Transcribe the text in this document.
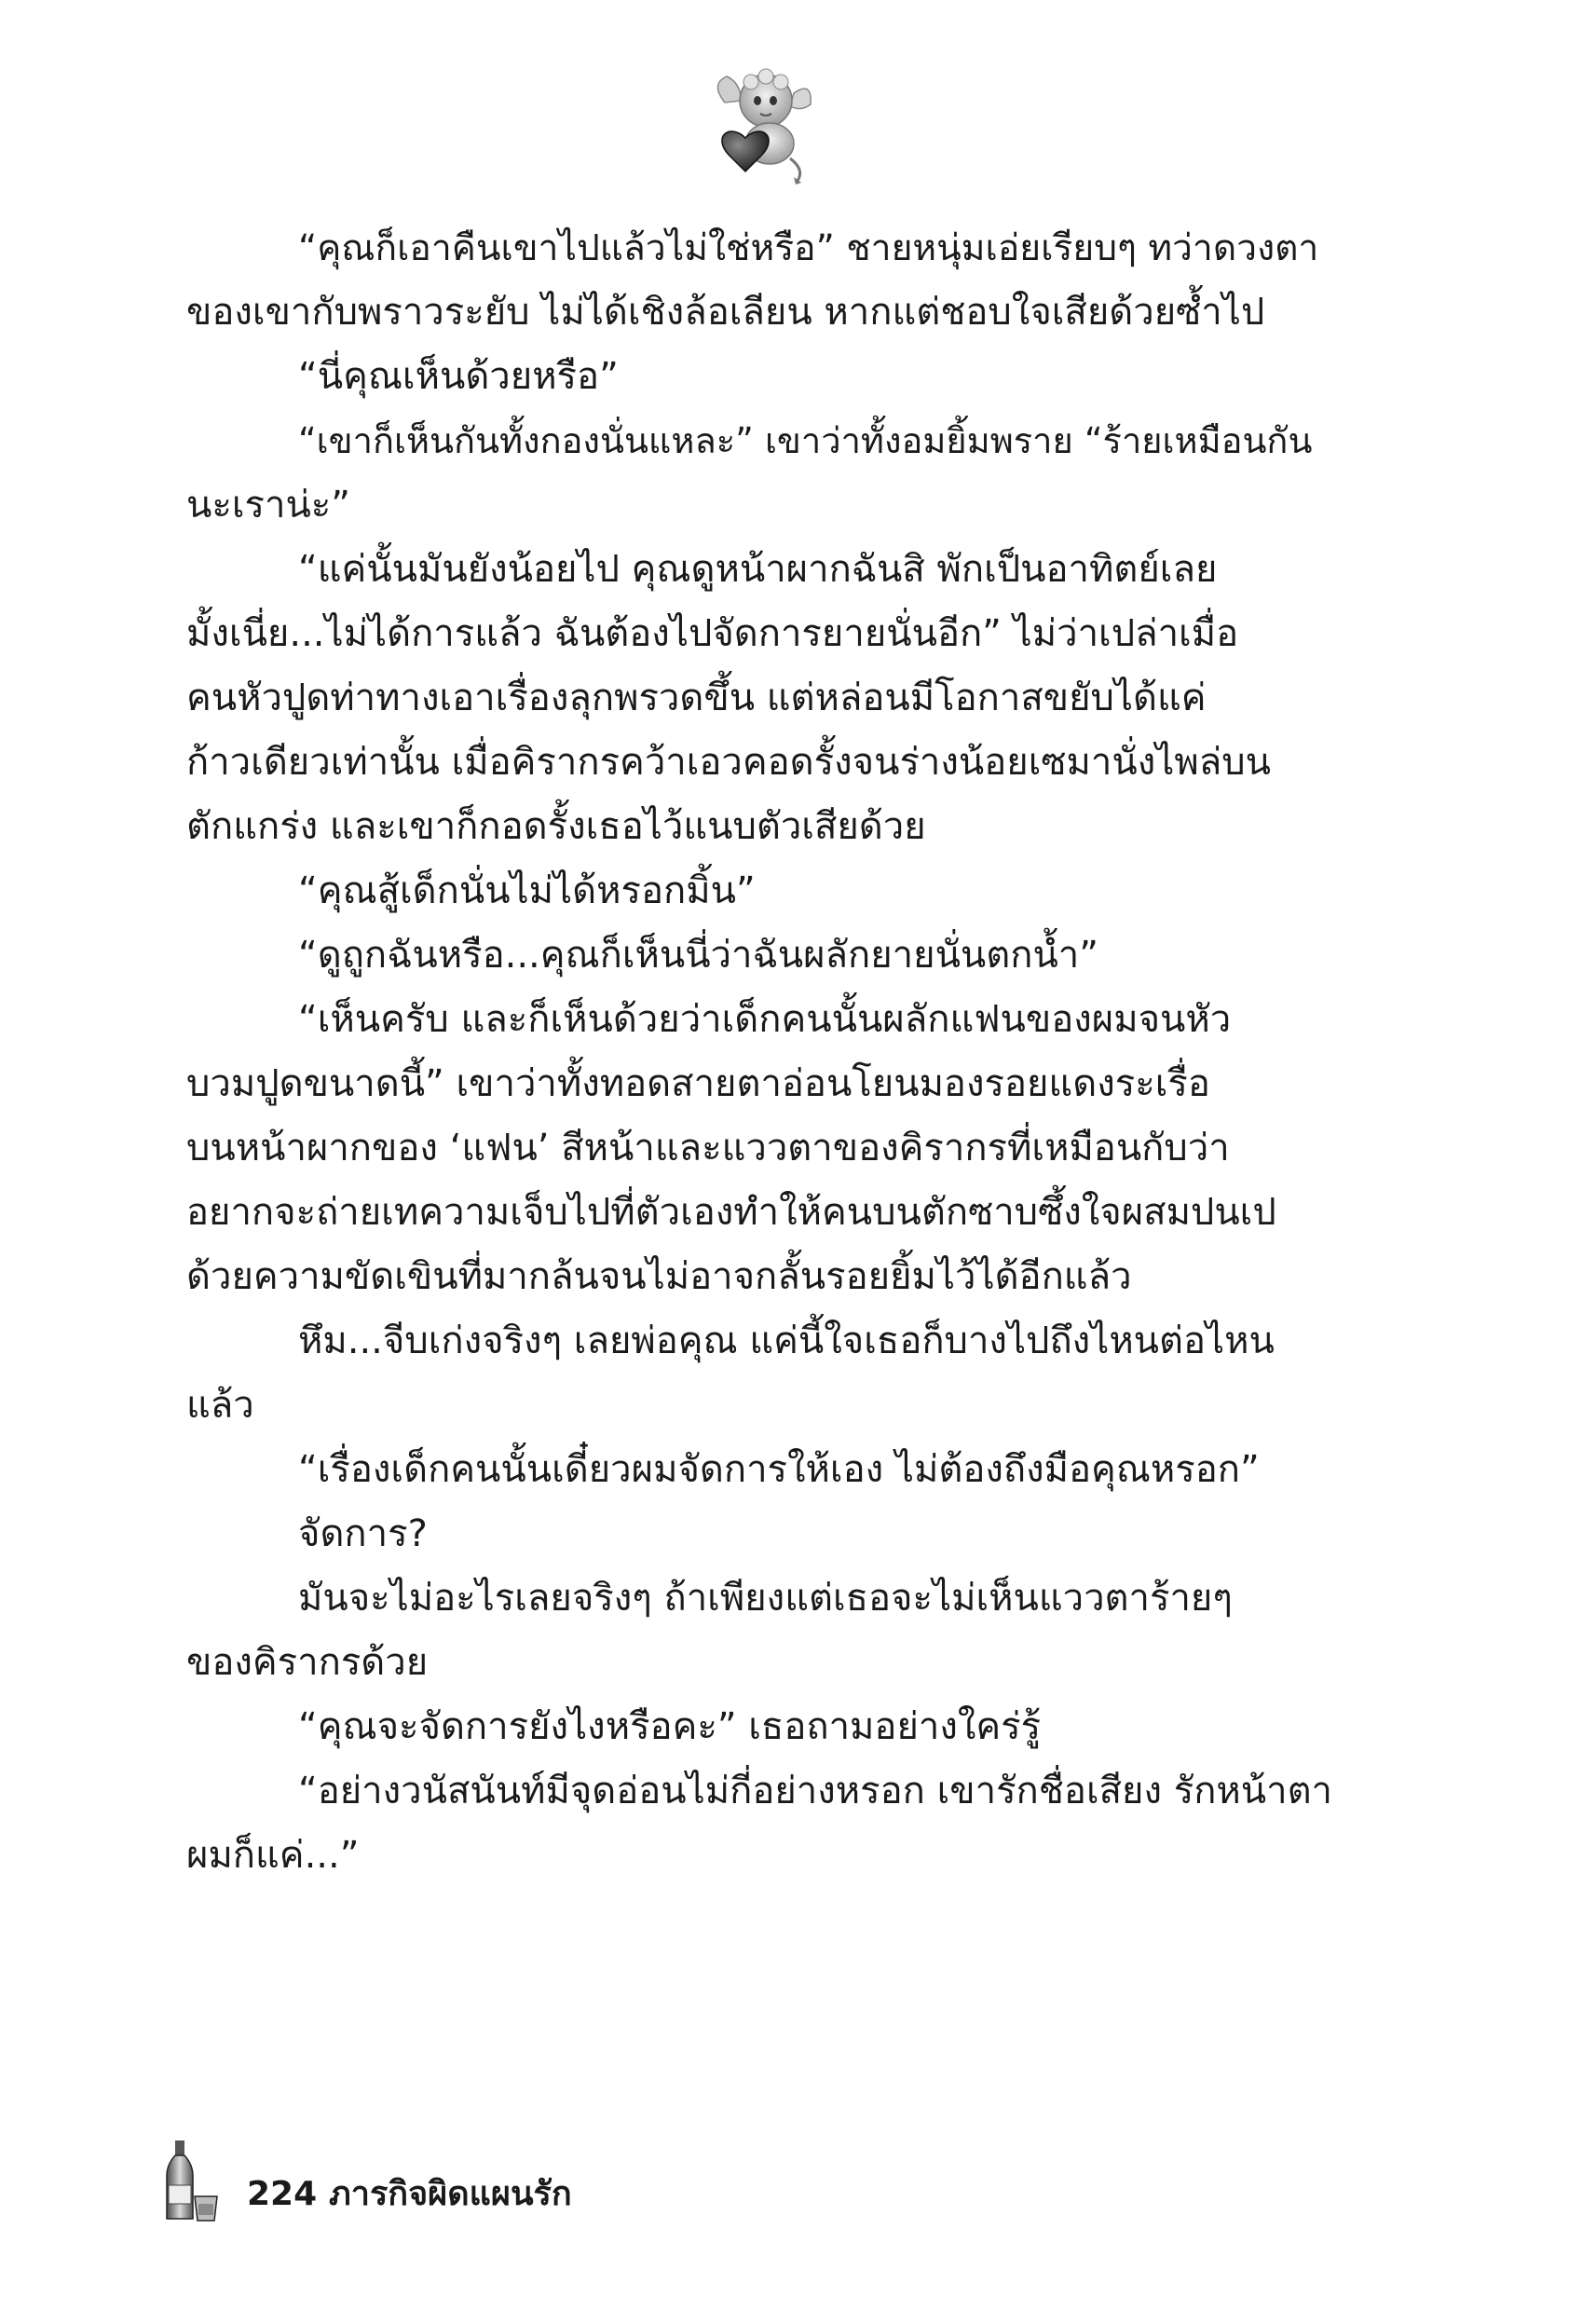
“คุณก็เอาคืนเขาไปแล้วไม่ใช่หรือ” ชายหนุ่มเอ่ยเรียบๆ ทว่าดวงตา
ของเขากับพราวระยับ ไม่ได้เชิงล้อเลียน หากแต่ชอบใจเสียด้วยซ้ำไป
“นี่คุณเห็นด้วยหรือ”
“เขาก็เห็นกันทั้งกองนั่นแหละ” เขาว่าทั้งอมยิ้มพราย “ร้ายเหมือนกัน
นะเราน่ะ”
“แค่นั้นมันยังน้อยไป คุณดูหน้าผากฉันสิ พักเป็นอาทิตย์เลย
มั้งเนี่ย...ไม่ได้การแล้ว ฉันต้องไปจัดการยายนั่นอีก” ไม่ว่าเปล่าเมื่อ
คนหัวปูดท่าทางเอาเรื่องลุกพรวดขึ้น แต่หล่อนมีโอกาสขยับได้แค่
ก้าวเดียวเท่านั้น เมื่อคิรากรคว้าเอวคอดรั้งจนร่างน้อยเซมานั่งไพล่บน
ตักแกร่ง และเขาก็กอดรั้งเธอไว้แนบตัวเสียด้วย
“คุณสู้เด็กนั่นไม่ได้หรอกมิ้น”
“ดูถูกฉันหรือ...คุณก็เห็นนี่ว่าฉันผลักยายนั่นตกน้ำ”
“เห็นครับ และก็เห็นด้วยว่าเด็กคนนั้นผลักแฟนของผมจนหัว
บวมปูดขนาดนี้” เขาว่าทั้งทอดสายตาอ่อนโยนมองรอยแดงระเรื่อ
บนหน้าผากของ ‘แฟน’ สีหน้าและแววตาของคิรากรที่เหมือนกับว่า
อยากจะถ่ายเทความเจ็บไปที่ตัวเองทำให้คนบนตักซาบซึ้งใจผสมปนเป
ด้วยความขัดเขินที่มากล้นจนไม่อาจกลั้นรอยยิ้มไว้ได้อีกแล้ว
หึม...จีบเก่งจริงๆ เลยพ่อคุณ แค่นี้ใจเธอก็บางไปถึงไหนต่อไหน
แล้ว
“เรื่องเด็กคนนั้นเดี๋ยวผมจัดการให้เอง ไม่ต้องถึงมือคุณหรอก”
จัดการ?
มันจะไม่อะไรเลยจริงๆ ถ้าเพียงแต่เธอจะไม่เห็นแววตาร้ายๆ
ของคิรากรด้วย
“คุณจะจัดการยังไงหรือคะ” เธอถามอย่างใคร่รู้
“อย่างวนัสนันท์มีจุดอ่อนไม่กี่อย่างหรอก เขารักชื่อเสียง รักหน้าตา
ผมก็แค่...”
224 ภารกิจผิดแผนรัก
